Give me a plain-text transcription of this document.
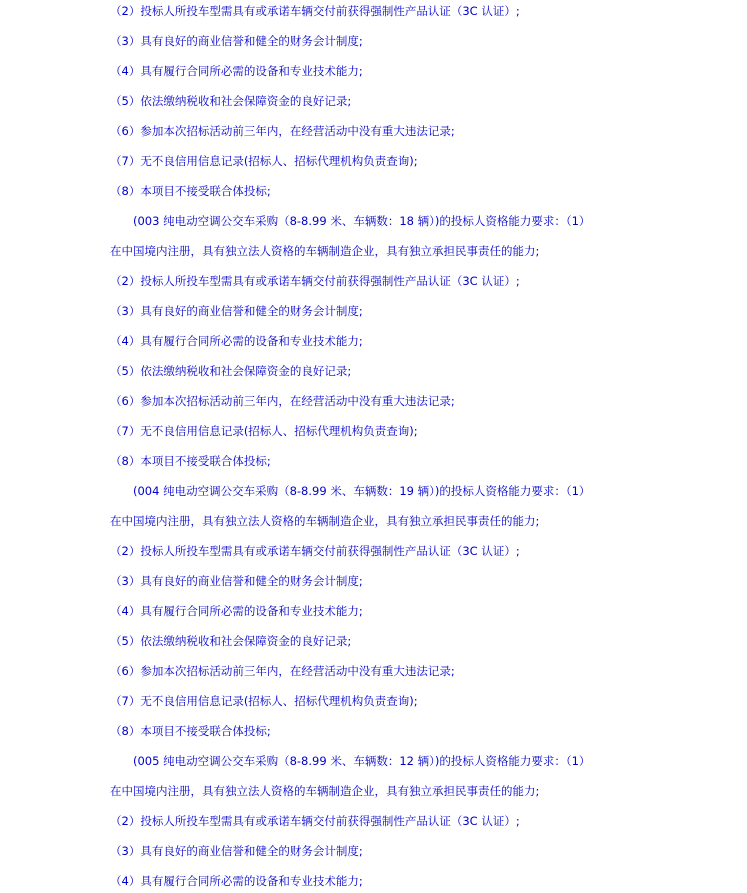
（2）投标人所投车型需具有或承诺车辆交付前获得强制性产品认证（3C 认证）;
（3）具有良好的商业信誉和健全的财务会计制度;
（4）具有履行合同所必需的设备和专业技术能力;
（5）依法缴纳税收和社会保障资金的良好记录;
（6）参加本次招标活动前三年内，在经营活动中没有重大违法记录;
（7）无不良信用信息记录(招标人、招标代理机构负责查询);
（8）本项目不接受联合体投标;
(003 纯电动空调公交车采购（8-8.99 米、车辆数：18 辆）)的投标人资格能力要求：（1）
在中国境内注册，具有独立法人资格的车辆制造企业，具有独立承担民事责任的能力;
（2）投标人所投车型需具有或承诺车辆交付前获得强制性产品认证（3C 认证）;
（3）具有良好的商业信誉和健全的财务会计制度;
（4）具有履行合同所必需的设备和专业技术能力;
（5）依法缴纳税收和社会保障资金的良好记录;
（6）参加本次招标活动前三年内，在经营活动中没有重大违法记录;
（7）无不良信用信息记录(招标人、招标代理机构负责查询);
（8）本项目不接受联合体投标;
(004 纯电动空调公交车采购（8-8.99 米、车辆数：19 辆）)的投标人资格能力要求：（1）
在中国境内注册，具有独立法人资格的车辆制造企业，具有独立承担民事责任的能力;
（2）投标人所投车型需具有或承诺车辆交付前获得强制性产品认证（3C 认证）;
（3）具有良好的商业信誉和健全的财务会计制度;
（4）具有履行合同所必需的设备和专业技术能力;
（5）依法缴纳税收和社会保障资金的良好记录;
（6）参加本次招标活动前三年内，在经营活动中没有重大违法记录;
（7）无不良信用信息记录(招标人、招标代理机构负责查询);
（8）本项目不接受联合体投标;
(005 纯电动空调公交车采购（8-8.99 米、车辆数：12 辆）)的投标人资格能力要求：（1）
在中国境内注册，具有独立法人资格的车辆制造企业，具有独立承担民事责任的能力;
（2）投标人所投车型需具有或承诺车辆交付前获得强制性产品认证（3C 认证）;
（3）具有良好的商业信誉和健全的财务会计制度;
（4）具有履行合同所必需的设备和专业技术能力;
